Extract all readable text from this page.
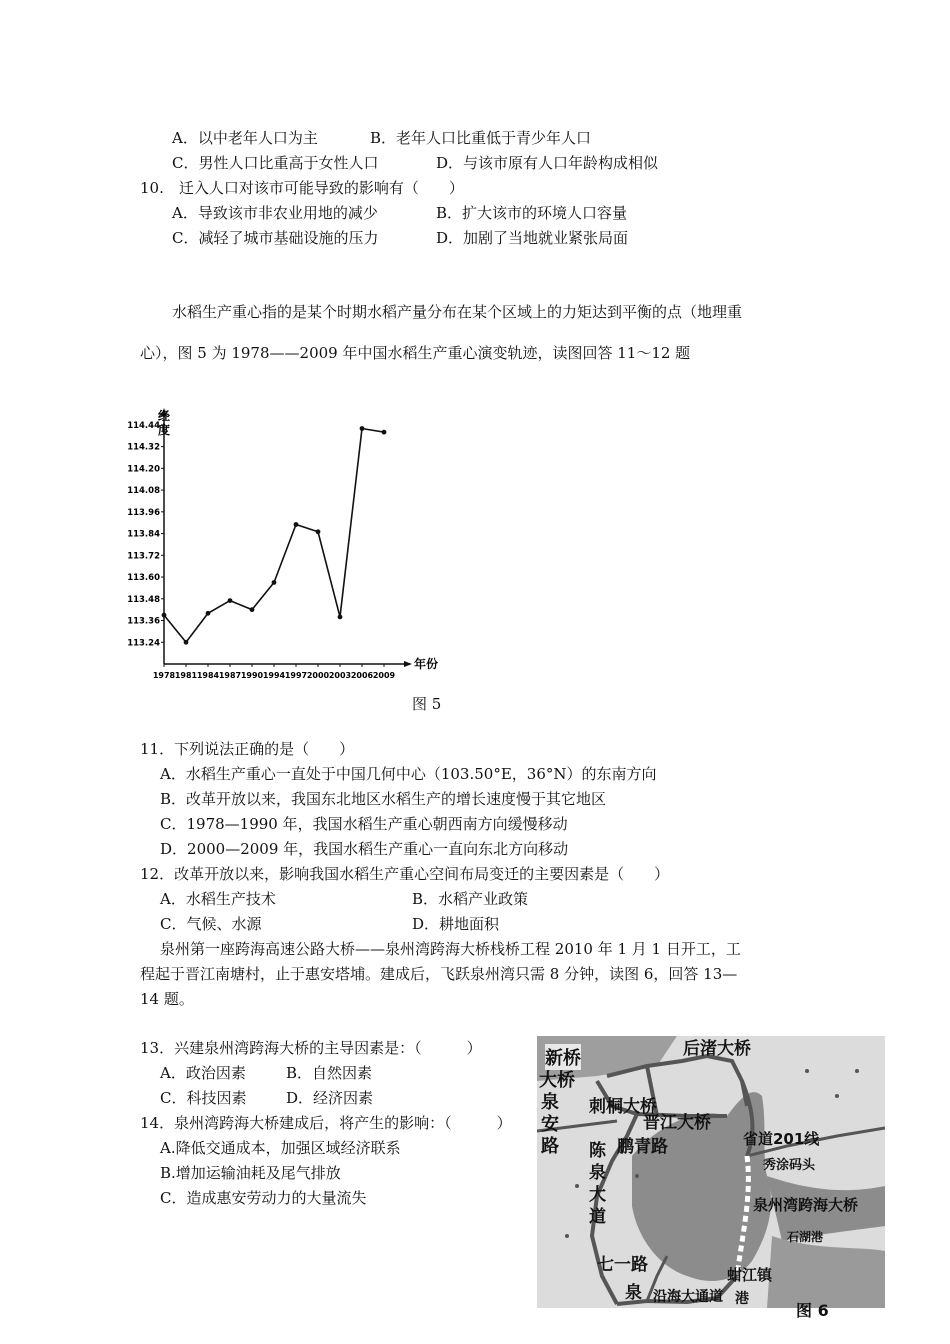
A．以中老年人口为主	B．老年人口比重低于青少年人口
C．男性人口比重高于女性人口	D．与该市原有人口年龄构成相似
10.　迁入人口对该市可能导致的影响有（　　）
A．导致该市非农业用地的减少	B．扩大该市的环境人口容量
C．减轻了城市基础设施的压力	D．加剧了当地就业紧张局面
水稻生产重心指的是某个时期水稻产量分布在某个区域上的力矩达到平衡的点（地理重
心），图 5 为 1978——2009 年中国水稻生产重心演变轨迹，读图回答 11～12 题
经
度
年份
113.24
113.36
113.48
113.60
113.72
113.84
113.96
114.08
114.20
114.32
114.44
1978 1981 1984 1987 1990 1994 1997 2000 2003 2006 2009
图 5
11．下列说法正确的是（　　）
A．水稻生产重心一直处于中国几何中心（103.50°E，36°N）的东南方向
B．改革开放以来，我国东北地区水稻生产的增长速度慢于其它地区
C．1978—1990 年，我国水稻生产重心朝西南方向缓慢移动
D．2000—2009 年，我国水稻生产重心一直向东北方向移动
12．改革开放以来，影响我国水稻生产重心空间布局变迁的主要因素是（　　）
A．水稻生产技术	B．水稻产业政策
C．气候、水源	D．耕地面积
泉州第一座跨海高速公路大桥——泉州湾跨海大桥栈桥工程 2010 年 1 月 1 日开工，工
程起于晋江南塘村，止于惠安塔埔。建成后，飞跃泉州湾只需 8 分钟，读图 6，回答 13—
14 题。
13．兴建泉州湾跨海大桥的主导因素是：（　　　）
A．政治因素	B．自然因素
C．科技因素	D．经济因素
14．泉州湾跨海大桥建成后，将产生的影响：（　　　）
A.降低交通成本，加强区域经济联系
B.增加运输油耗及尾气排放
C．造成惠安劳动力的大量流失
新桥
大桥
泉
安
路
后渚大桥
刺桐大桥
晋江大桥
鹏青路
陈
泉
大
道
省道201线
秀涂码头
泉州湾跨海大桥
石湖港
七一路	蚶江镇
泉 沿海大通道 港
图 6
